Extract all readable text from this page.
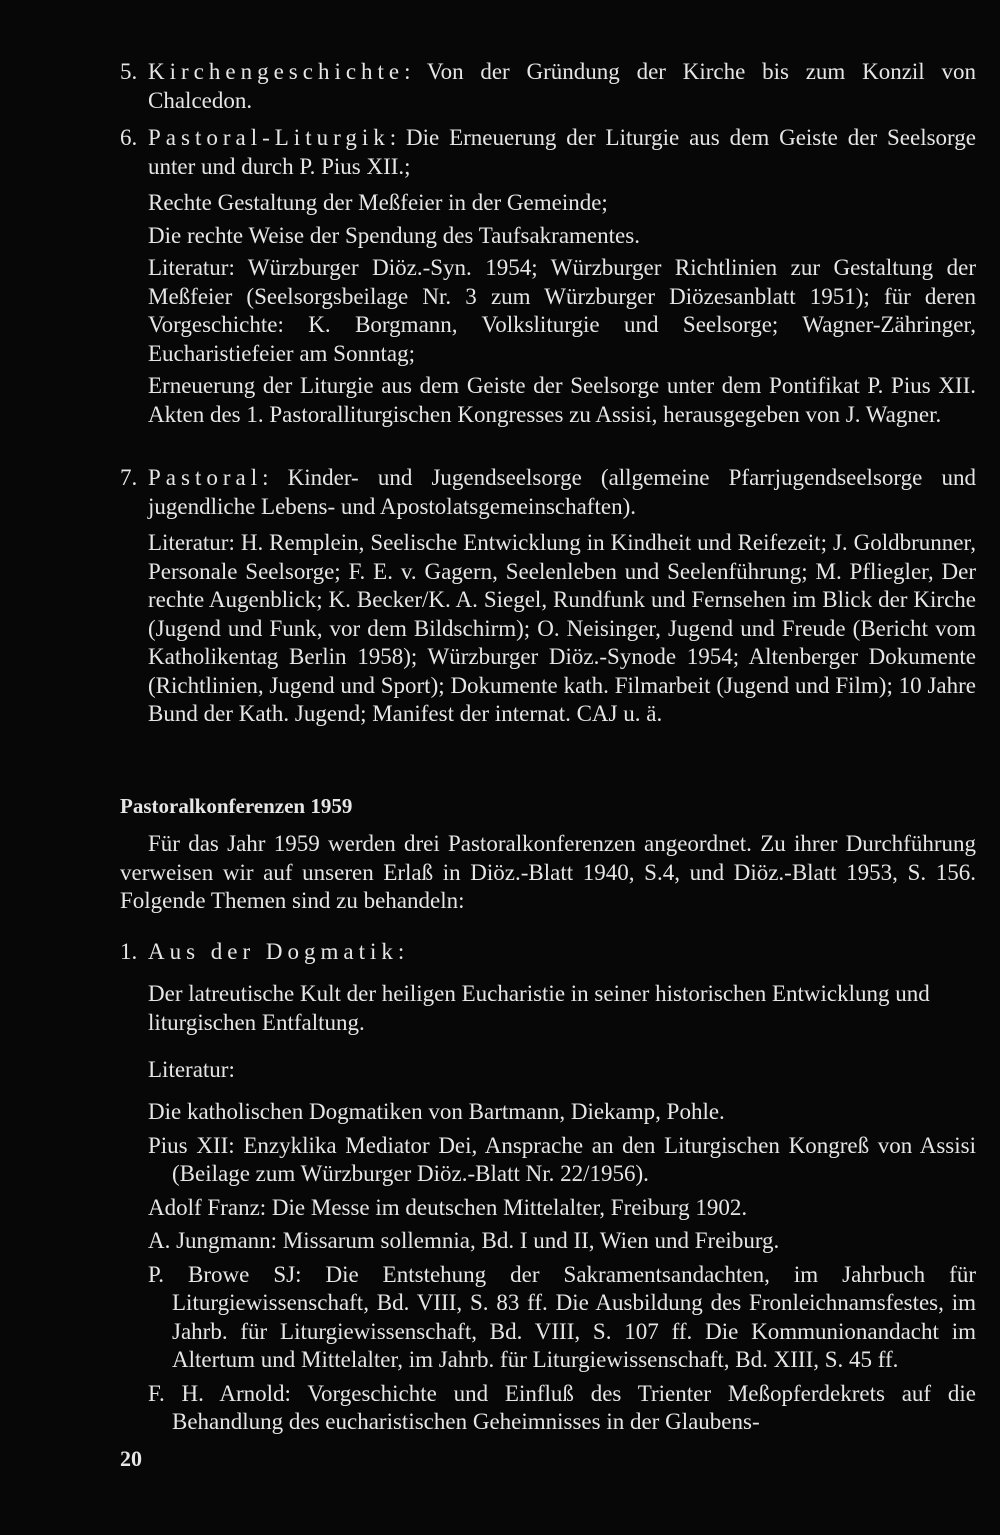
5. Kirchengeschichte: Von der Gründung der Kirche bis zum Konzil von Chalcedon.

6. Pastoral-Liturgik: Die Erneuerung der Liturgie aus dem Geiste der Seelsorge unter und durch P. Pius XII.;

Rechte Gestaltung der Meßfeier in der Gemeinde;

Die rechte Weise der Spendung des Taufsakramentes.

Literatur: Würzburger Diöz.-Syn. 1954; Würzburger Richtlinien zur Gestaltung der Meßfeier (Seelsorgsbeilage Nr. 3 zum Würzburger Diözesanblatt 1951); für deren Vorgeschichte: K. Borgmann, Volksliturgie und Seelsorge; Wagner-Zähringer, Eucharistiefeier am Sonntag;

Erneuerung der Liturgie aus dem Geiste der Seelsorge unter dem Pontifikat P. Pius XII. Akten des 1. Pastoralliturgischen Kongresses zu Assisi, herausgegeben von J. Wagner.

7. Pastoral: Kinder- und Jugendseelsorge (allgemeine Pfarrjugendseelsorge und jugendliche Lebens- und Apostolatsgemeinschaften).

Literatur: H. Remplein, Seelische Entwicklung in Kindheit und Reifezeit; J. Goldbrunner, Personale Seelsorge; F. E. v. Gagern, Seelenleben und Seelenführung; M. Pfliegler, Der rechte Augenblick; K. Becker/K. A. Siegel, Rundfunk und Fernsehen im Blick der Kirche (Jugend und Funk, vor dem Bildschirm); O. Neisinger, Jugend und Freude (Bericht vom Katholikentag Berlin 1958); Würzburger Diöz.-Synode 1954; Altenberger Dokumente (Richtlinien, Jugend und Sport); Dokumente kath. Filmarbeit (Jugend und Film); 10 Jahre Bund der Kath. Jugend; Manifest der internat. CAJ u. ä.

Pastoralkonferenzen 1959
Für das Jahr 1959 werden drei Pastoralkonferenzen angeordnet. Zu ihrer Durchführung verweisen wir auf unseren Erlaß in Diöz.-Blatt 1940, S.4, und Diöz.-Blatt 1953, S. 156. Folgende Themen sind zu behandeln:
1. Aus der Dogmatik:

Der latreutische Kult der heiligen Eucharistie in seiner historischen Entwicklung und liturgischen Entfaltung.
Literatur:

Die katholischen Dogmatiken von Bartmann, Diekamp, Pohle.

Pius XII: Enzyklika Mediator Dei, Ansprache an den Liturgischen Kongreß von Assisi (Beilage zum Würzburger Diöz.-Blatt Nr. 22/1956).

Adolf Franz: Die Messe im deutschen Mittelalter, Freiburg 1902.

A. Jungmann: Missarum sollemnia, Bd. I und II, Wien und Freiburg.

P. Browe SJ: Die Entstehung der Sakramentsandachten, im Jahrbuch für Liturgiewissenschaft, Bd. VIII, S. 83 ff. Die Ausbildung des Fronleichnamsfestes, im Jahrb. für Liturgiewissenschaft, Bd. VIII, S. 107 ff. Die Kommunionandacht im Altertum und Mittelalter, im Jahrb. für Liturgiewissenschaft, Bd. XIII, S. 45 ff.

F. H. Arnold: Vorgeschichte und Einfluß des Trienter Meßopferdekrets auf die Behandlung des eucharistischen Geheimnisses in der Glaubens-

20
